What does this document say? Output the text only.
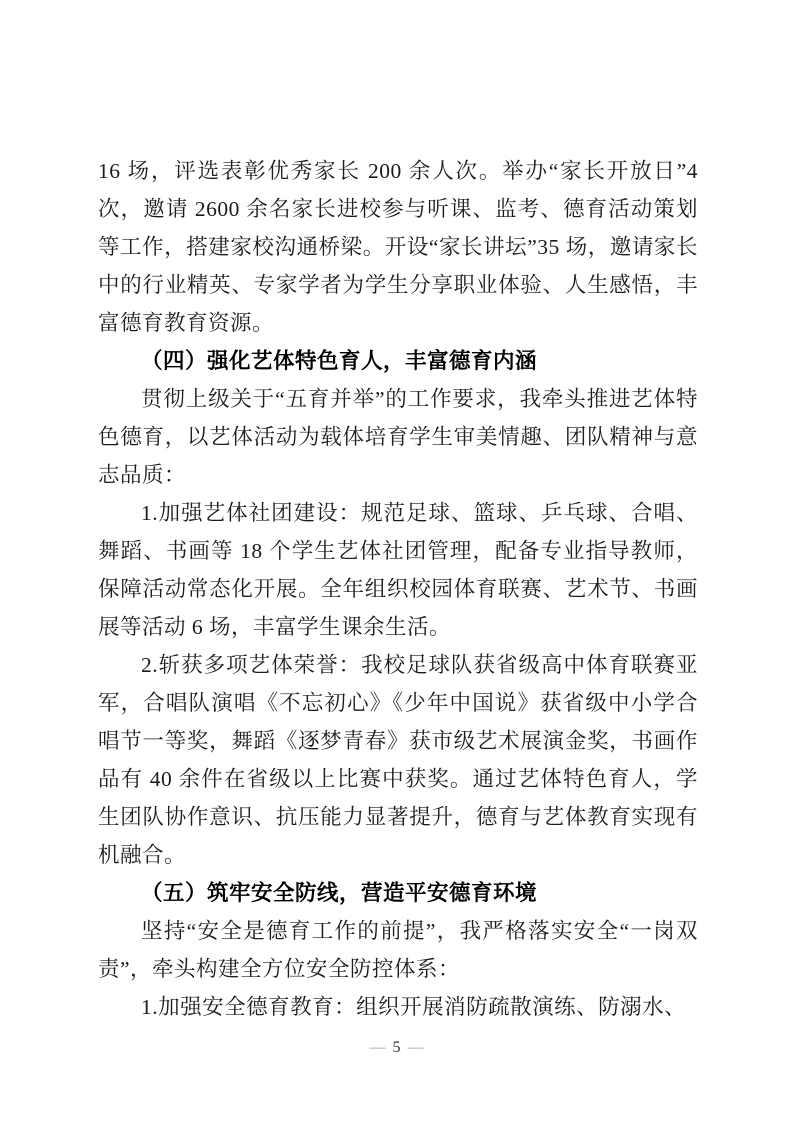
16 场，评选表彰优秀家长 200 余人次。举办“家长开放日”4 次，邀请 2600 余名家长进校参与听课、监考、德育活动策划等工作，搭建家校沟通桥梁。开设“家长讲坛”35 场，邀请家长中的行业精英、专家学者为学生分享职业体验、人生感悟，丰富德育教育资源。

（四）强化艺体特色育人，丰富德育内涵

贯彻上级关于“五育并举”的工作要求，我牵头推进艺体特色德育，以艺体活动为载体培育学生审美情趣、团队精神与意志品质：

1.加强艺体社团建设：规范足球、篮球、乒乓球、合唱、舞蹈、书画等 18 个学生艺体社团管理，配备专业指导教师，保障活动常态化开展。全年组织校园体育联赛、艺术节、书画展等活动 6 场，丰富学生课余生活。

2.斩获多项艺体荣誉：我校足球队获省级高中体育联赛亚军，合唱队演唱《不忘初心》《少年中国说》获省级中小学合唱节一等奖，舞蹈《逐梦青春》获市级艺术展演金奖，书画作品有 40 余件在省级以上比赛中获奖。通过艺体特色育人，学生团队协作意识、抗压能力显著提升，德育与艺体教育实现有机融合。

（五）筑牢安全防线，营造平安德育环境

坚持“安全是德育工作的前提”，我严格落实安全“一岗双责”，牵头构建全方位安全防控体系：

1.加强安全德育教育：组织开展消防疏散演练、防溺水、

— 5 —
